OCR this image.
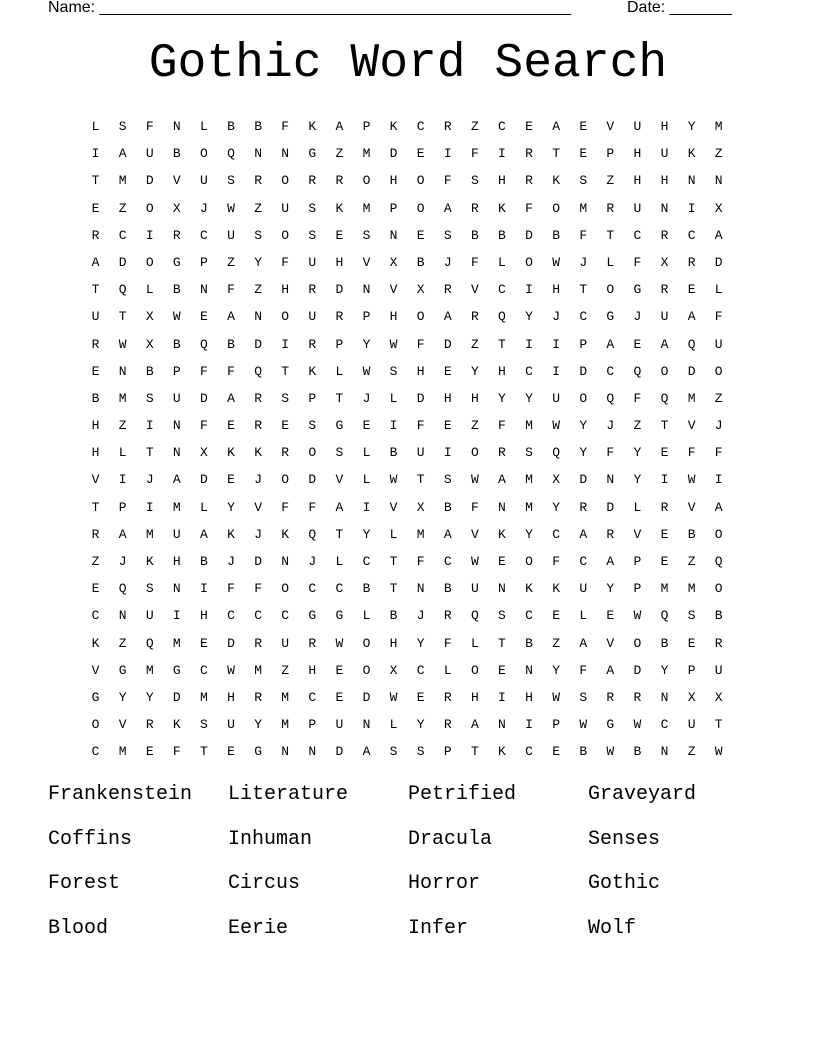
Name: _____________________________________________________	Date: _______
Gothic Word Search
L	S	F	N	L	B	B	F	K	A	P	K	C	R	Z	C	E	A	E	V	U	H	Y	M
I	A	U	B	O	Q	N	N	G	Z	M	D	E	I	F	I	R	T	E	P	H	U	K	Z
T	M	D	V	U	S	R	O	R	R	O	H	O	F	S	H	R	K	S	Z	H	H	N	N
E	Z	O	X	J	W	Z	U	S	K	M	P	O	A	R	K	F	O	M	R	U	N	I	X
R	C	I	R	C	U	S	O	S	E	S	N	E	S	B	B	D	B	F	T	C	R	C	A
A	D	O	G	P	Z	Y	F	U	H	V	X	B	J	F	L	O	W	J	L	F	X	R	D
T	Q	L	B	N	F	Z	H	R	D	N	V	X	R	V	C	I	H	T	O	G	R	E	L
U	T	X	W	E	A	N	O	U	R	P	H	O	A	R	Q	Y	J	C	G	J	U	A	F
R	W	X	B	Q	B	D	I	R	P	Y	W	F	D	Z	T	I	I	P	A	E	A	Q	U
E	N	B	P	F	F	Q	T	K	L	W	S	H	E	Y	H	C	I	D	C	Q	O	D	O
B	M	S	U	D	A	R	S	P	T	J	L	D	H	H	Y	Y	U	O	Q	F	Q	M	Z
H	Z	I	N	F	E	R	E	S	G	E	I	F	E	Z	F	M	W	Y	J	Z	T	V	J
H	L	T	N	X	K	K	R	O	S	L	B	U	I	O	R	S	Q	Y	F	Y	E	F	F
V	I	J	A	D	E	J	O	D	V	L	W	T	S	W	A	M	X	D	N	Y	I	W	I
T	P	I	M	L	Y	V	F	F	A	I	V	X	B	F	N	M	Y	R	D	L	R	V	A
R	A	M	U	A	K	J	K	Q	T	Y	L	M	A	V	K	Y	C	A	R	V	E	B	O
Z	J	K	H	B	J	D	N	J	L	C	T	F	C	W	E	O	F	C	A	P	E	Z	Q
E	Q	S	N	I	F	F	O	C	C	B	T	N	B	U	N	K	K	U	Y	P	M	M	O
C	N	U	I	H	C	C	C	G	G	L	B	J	R	Q	S	C	E	L	E	W	Q	S	B
K	Z	Q	M	E	D	R	U	R	W	O	H	Y	F	L	T	B	Z	A	V	O	B	E	R
V	G	M	G	C	W	M	Z	H	E	O	X	C	L	O	E	N	Y	F	A	D	Y	P	U
G	Y	Y	D	M	H	R	M	C	E	D	W	E	R	H	I	H	W	S	R	R	N	X	X
O	V	R	K	S	U	Y	M	P	U	N	L	Y	R	A	N	I	P	W	G	W	C	U	T
C	M	E	F	T	E	G	N	N	D	A	S	S	P	T	K	C	E	B	W	B	N	Z	W
Frankenstein	Literature	Petrified	Graveyard
Coffins	Inhuman	Dracula	Senses
Forest	Circus	Horror	Gothic
Blood	Eerie	Infer	Wolf
